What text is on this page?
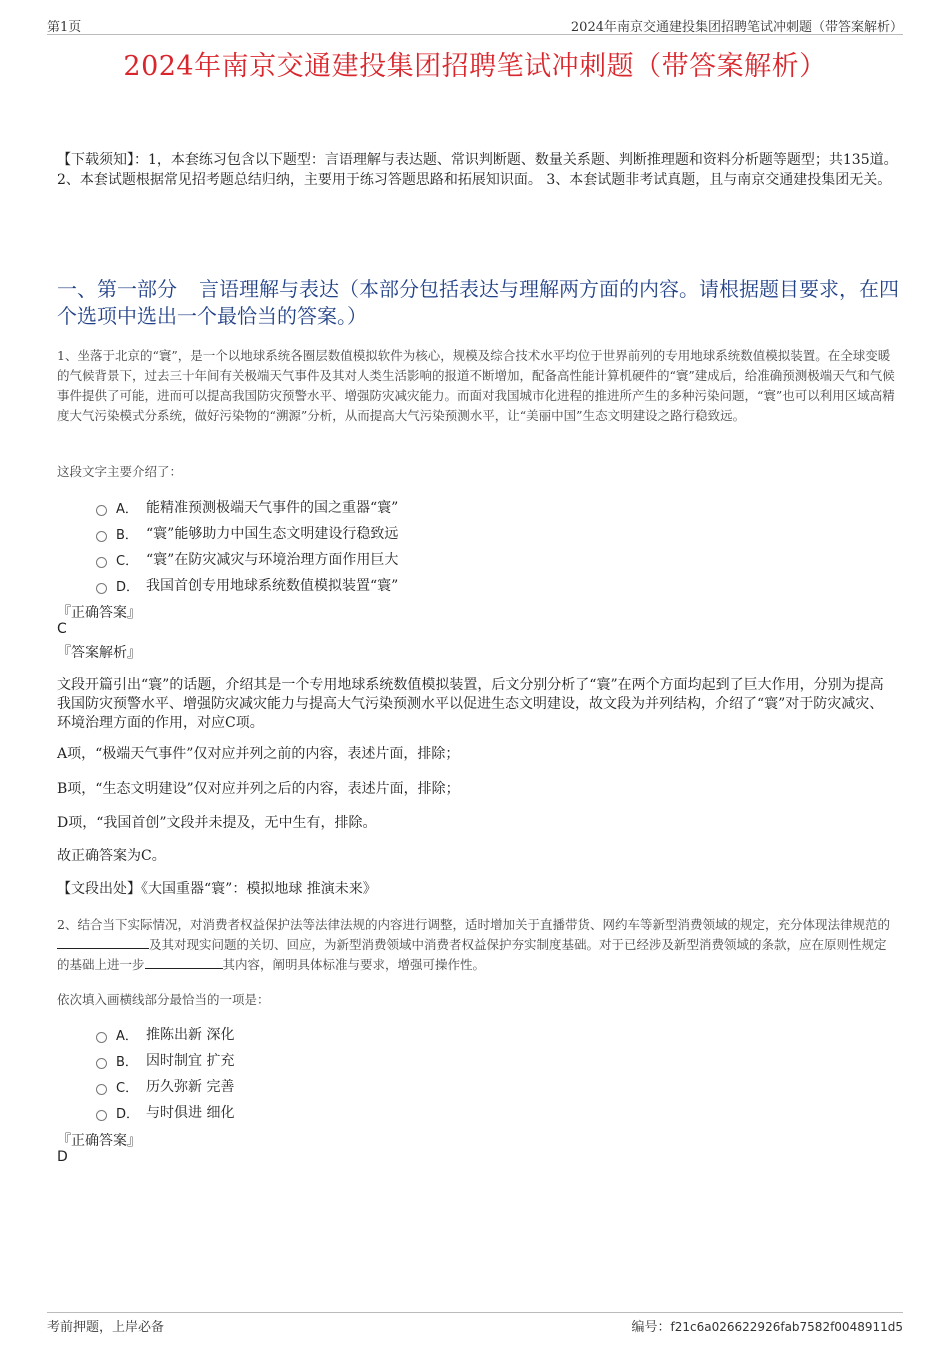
第1页	2024年南京交通建投集团招聘笔试冲刺题（带答案解析）
2024年南京交通建投集团招聘笔试冲刺题（带答案解析）
【下载须知】：1，本套练习包含以下题型：言语理解与表达题、常识判断题、数量关系题、判断推理题和资料分析题等题型；共135道。 2、本套试题根据常见招考题总结归纳，主要用于练习答题思路和拓展知识面。 3、本套试题非考试真题，且与南京交通建投集团无关。
一、第一部分 言语理解与表达（本部分包括表达与理解两方面的内容。请根据题目要求，在四个选项中选出一个最恰当的答案。）
1、坐落于北京的“寰”，是一个以地球系统各圈层数值模拟软件为核心，规模及综合技术水平均位于世界前列的专用地球系统数值模拟装置。在全球变暖的气候背景下，过去三十年间有关极端天气事件及其对人类生活影响的报道不断增加，配备高性能计算机硬件的“寰”建成后，给准确预测极端天气和气候事件提供了可能，进而可以提高我国防灾预警水平、增强防灾减灾能力。而面对我国城市化进程的推进所产生的多种污染问题，“寰”也可以利用区域高精度大气污染模式分系统，做好污染物的“溯源”分析，从而提高大气污染预测水平，让“美丽中国”生态文明建设之路行稳致远。
这段文字主要介绍了：
A． 能精准预测极端天气事件的国之重器“寰”
B． “寰”能够助力中国生态文明建设行稳致远
C． “寰”在防灾减灾与环境治理方面作用巨大
D． 我国首创专用地球系统数值模拟装置“寰”
『正确答案』
C
『答案解析』
文段开篇引出“寰”的话题，介绍其是一个专用地球系统数值模拟装置，后文分别分析了“寰”在两个方面均起到了巨大作用，分别为提高我国防灾预警水平、增强防灾减灾能力与提高大气污染预测水平以促进生态文明建设，故文段为并列结构，介绍了“寰”对于防灾减灾、环境治理方面的作用，对应C项。
A项，“极端天气事件”仅对应并列之前的内容，表述片面，排除；
B项，“生态文明建设”仅对应并列之后的内容，表述片面，排除；
D项，“我国首创”文段并未提及，无中生有，排除。
故正确答案为C。
【文段出处】《大国重器“寰”：模拟地球 推演未来》
2、结合当下实际情况，对消费者权益保护法等法律法规的内容进行调整，适时增加关于直播带货、网约车等新型消费领域的规定，充分体现法律规范的及其对现实问题的关切、回应，为新型消费领域中消费者权益保护夯实制度基础。对于已经涉及新型消费领域的条款，应在原则性规定的基础上进一步	其内容，阐明具体标准与要求，增强可操作性。
依次填入画横线部分最恰当的一项是：
A． 推陈出新 深化
B． 因时制宜 扩充
C． 历久弥新 完善
D． 与时俱进 细化
『正确答案』
D
考前押题，上岸必备	编号：f21c6a026622926fab7582f0048911d5
